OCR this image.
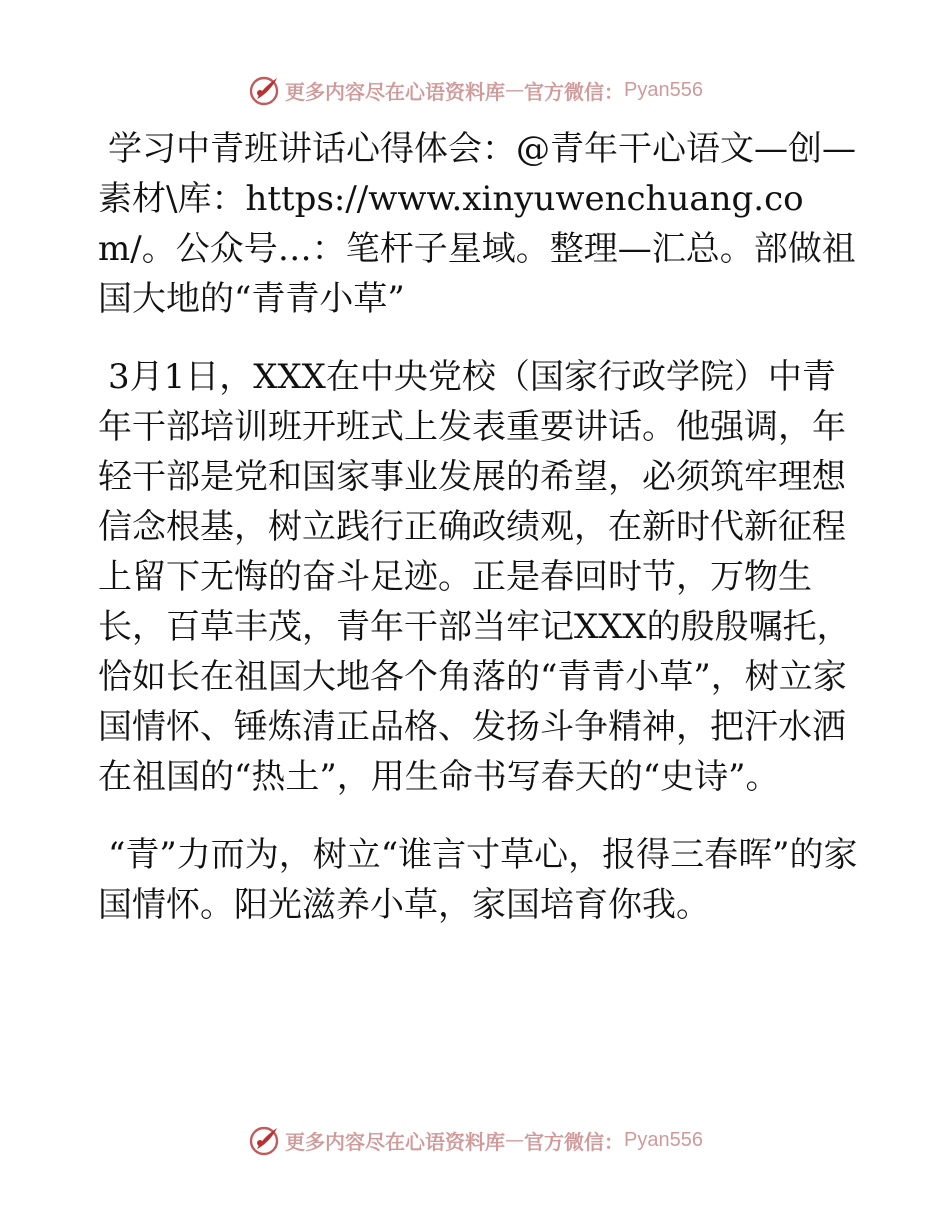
更多内容尽在心语资料库 — 官方微信： Pyan556

学习中青班讲话心得体会：@青年干心语文—创—素材\库：https://www.xinyuwenchuang.com/。公众号…：笔杆子星域。整理—汇总。部做祖国大地的“青青小草”

3月1日，XXX在中央党校（国家行政学院）中青年干部培训班开班式上发表重要讲话。他强调，年轻干部是党和国家事业发展的希望，必须筑牢理想信念根基，树立践行正确政绩观，在新时代新征程上留下无悔的奋斗足迹。正是春回时节，万物生长，百草丰茂，青年干部当牢记XXX的殷殷嘱托，恰如长在祖国大地各个角落的“青青小草”，树立家国情怀、锤炼清正品格、发扬斗争精神，把汗水洒在祖国的“热土”，用生命书写春天的“史诗”。

“青”力而为，树立“谁言寸草心，报得三春晖”的家国情怀。阳光滋养小草，家国培育你我。

更多内容尽在心语资料库 — 官方微信： Pyan556
